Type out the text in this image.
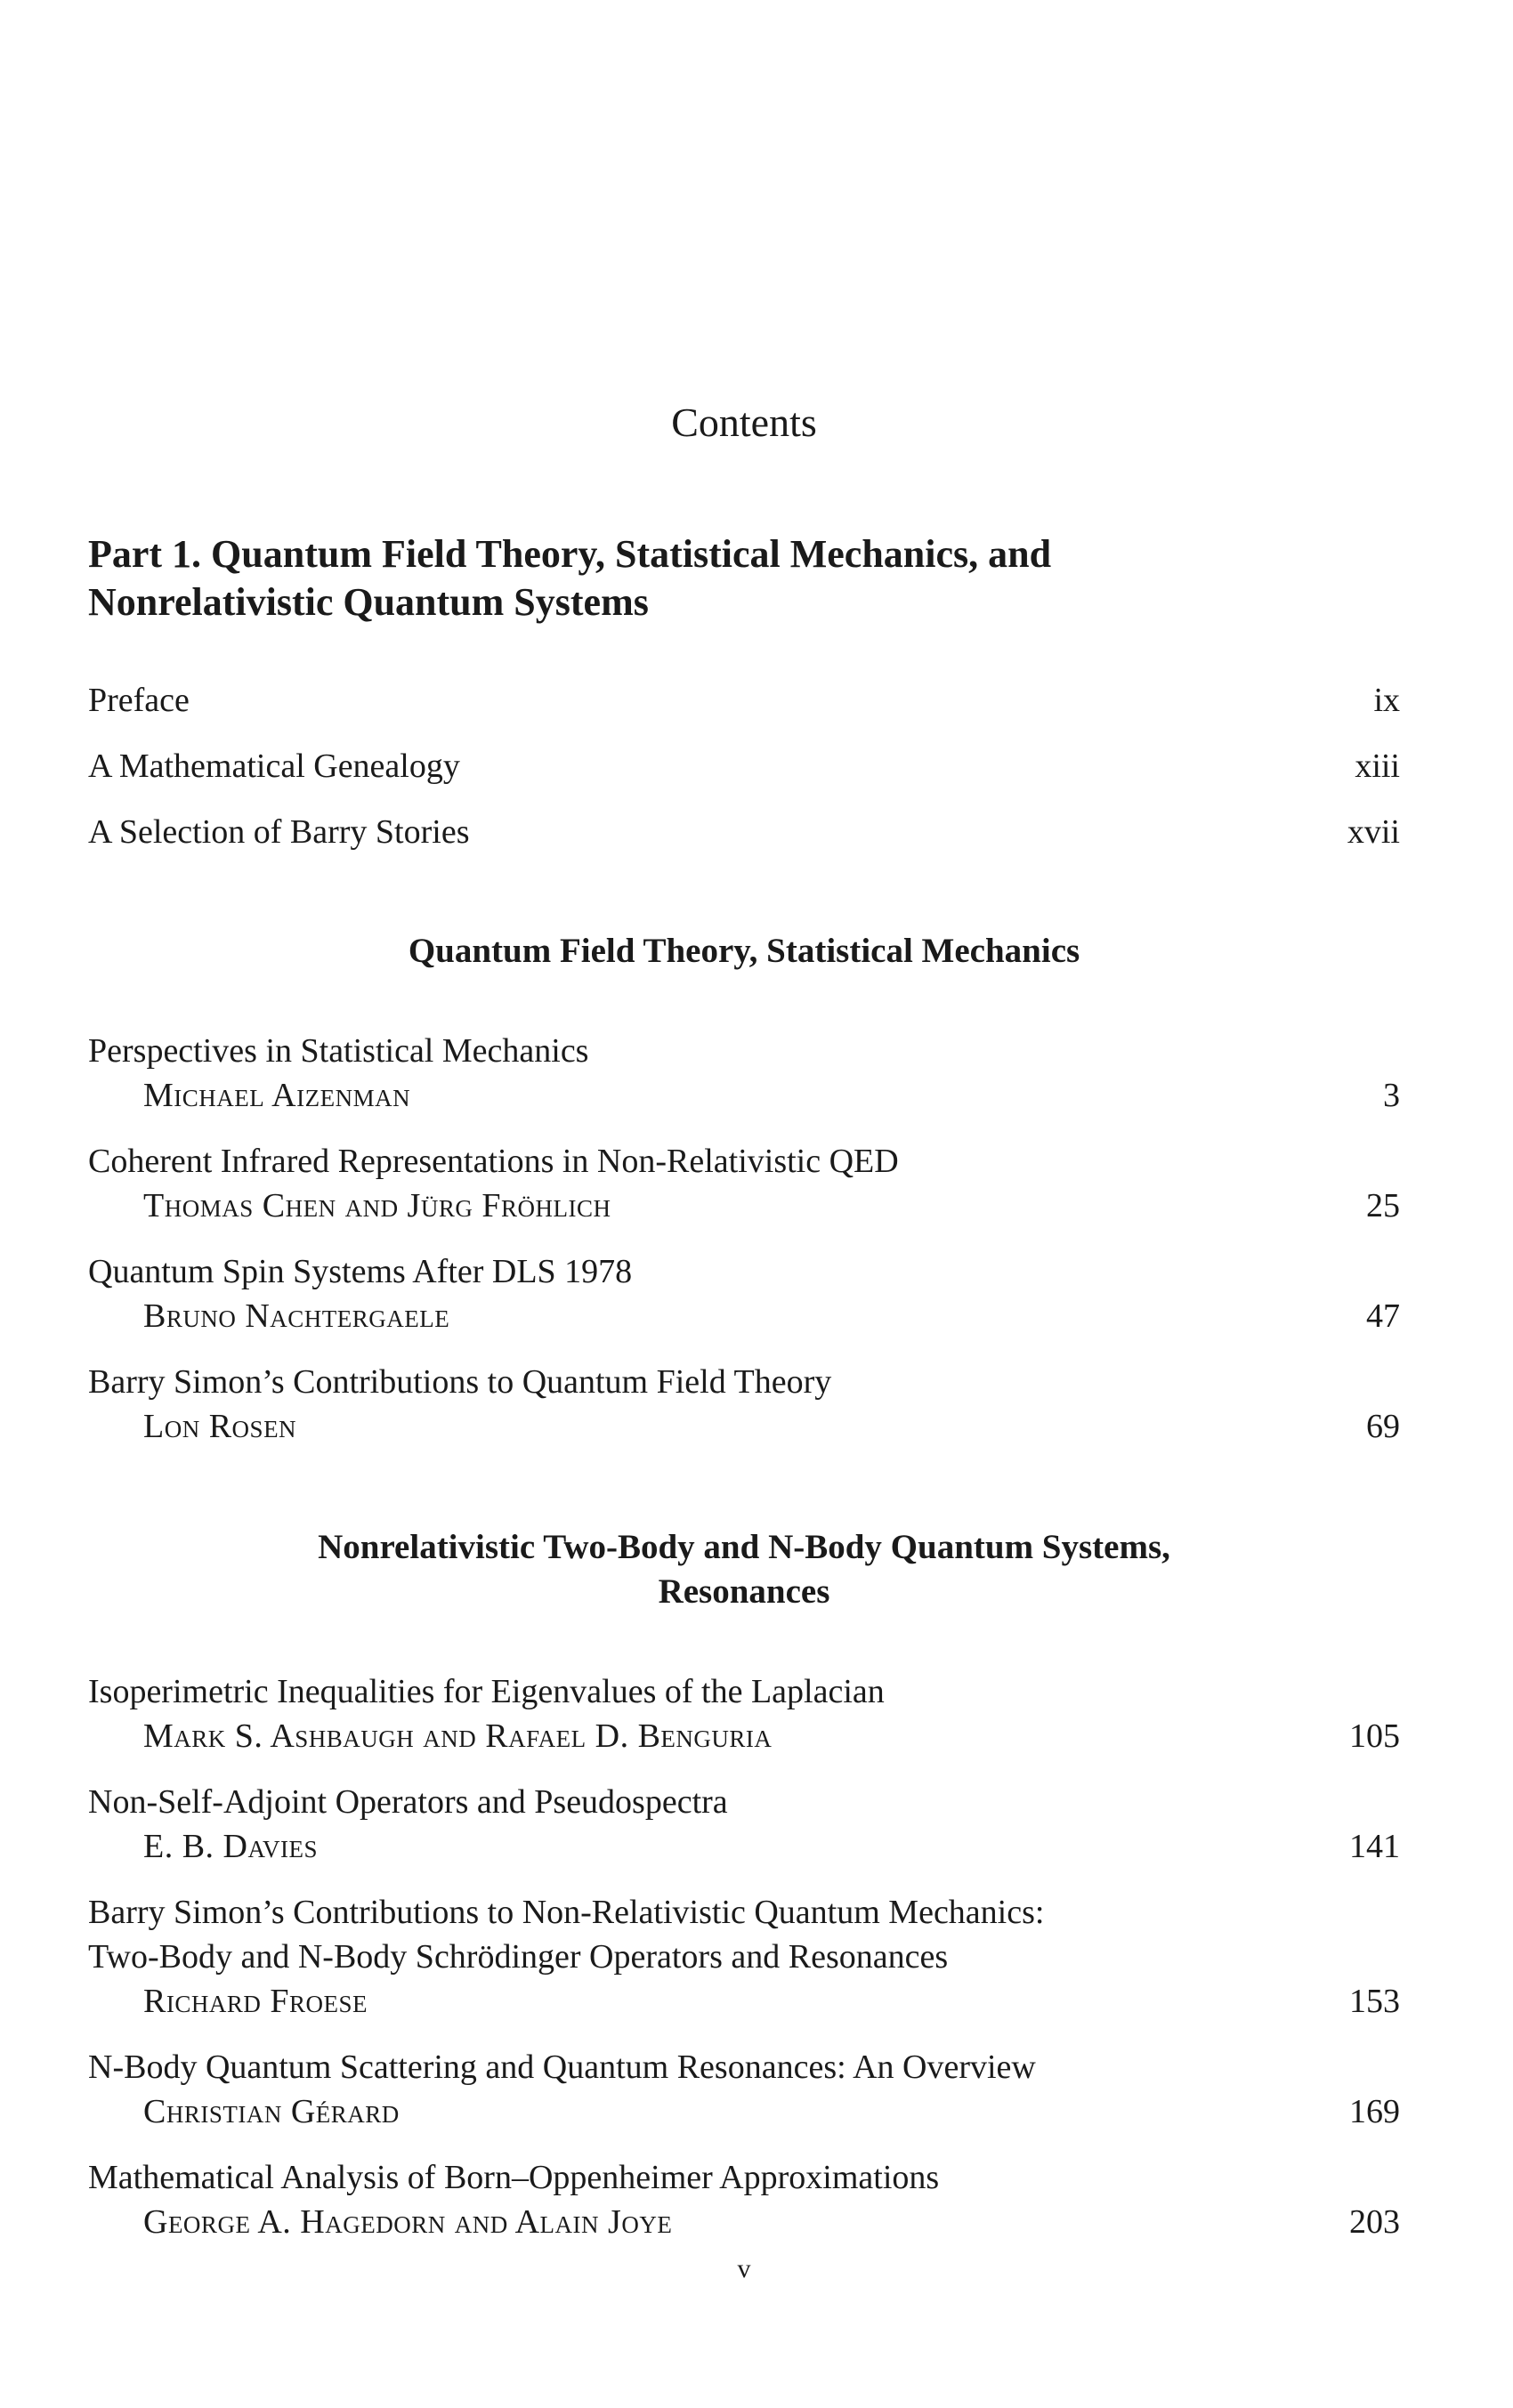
Contents
Part 1. Quantum Field Theory, Statistical Mechanics, and
Nonrelativistic Quantum Systems
Preface	ix
A Mathematical Genealogy	xiii
A Selection of Barry Stories	xvii
Quantum Field Theory, Statistical Mechanics
Perspectives in Statistical Mechanics
Michael Aizenman	3
Coherent Infrared Representations in Non-Relativistic QED
Thomas Chen and Jürg Fröhlich	25
Quantum Spin Systems After DLS 1978
Bruno Nachtergaele	47
Barry Simon’s Contributions to Quantum Field Theory
Lon Rosen	69
Nonrelativistic Two-Body and N-Body Quantum Systems,
Resonances
Isoperimetric Inequalities for Eigenvalues of the Laplacian
Mark S. Ashbaugh and Rafael D. Benguria	105
Non-Self-Adjoint Operators and Pseudospectra
E. B. Davies	141
Barry Simon’s Contributions to Non-Relativistic Quantum Mechanics:
Two-Body and N-Body Schrödinger Operators and Resonances
Richard Froese	153
N-Body Quantum Scattering and Quantum Resonances: An Overview
Christian Gérard	169
Mathematical Analysis of Born–Oppenheimer Approximations
George A. Hagedorn and Alain Joye	203
v
